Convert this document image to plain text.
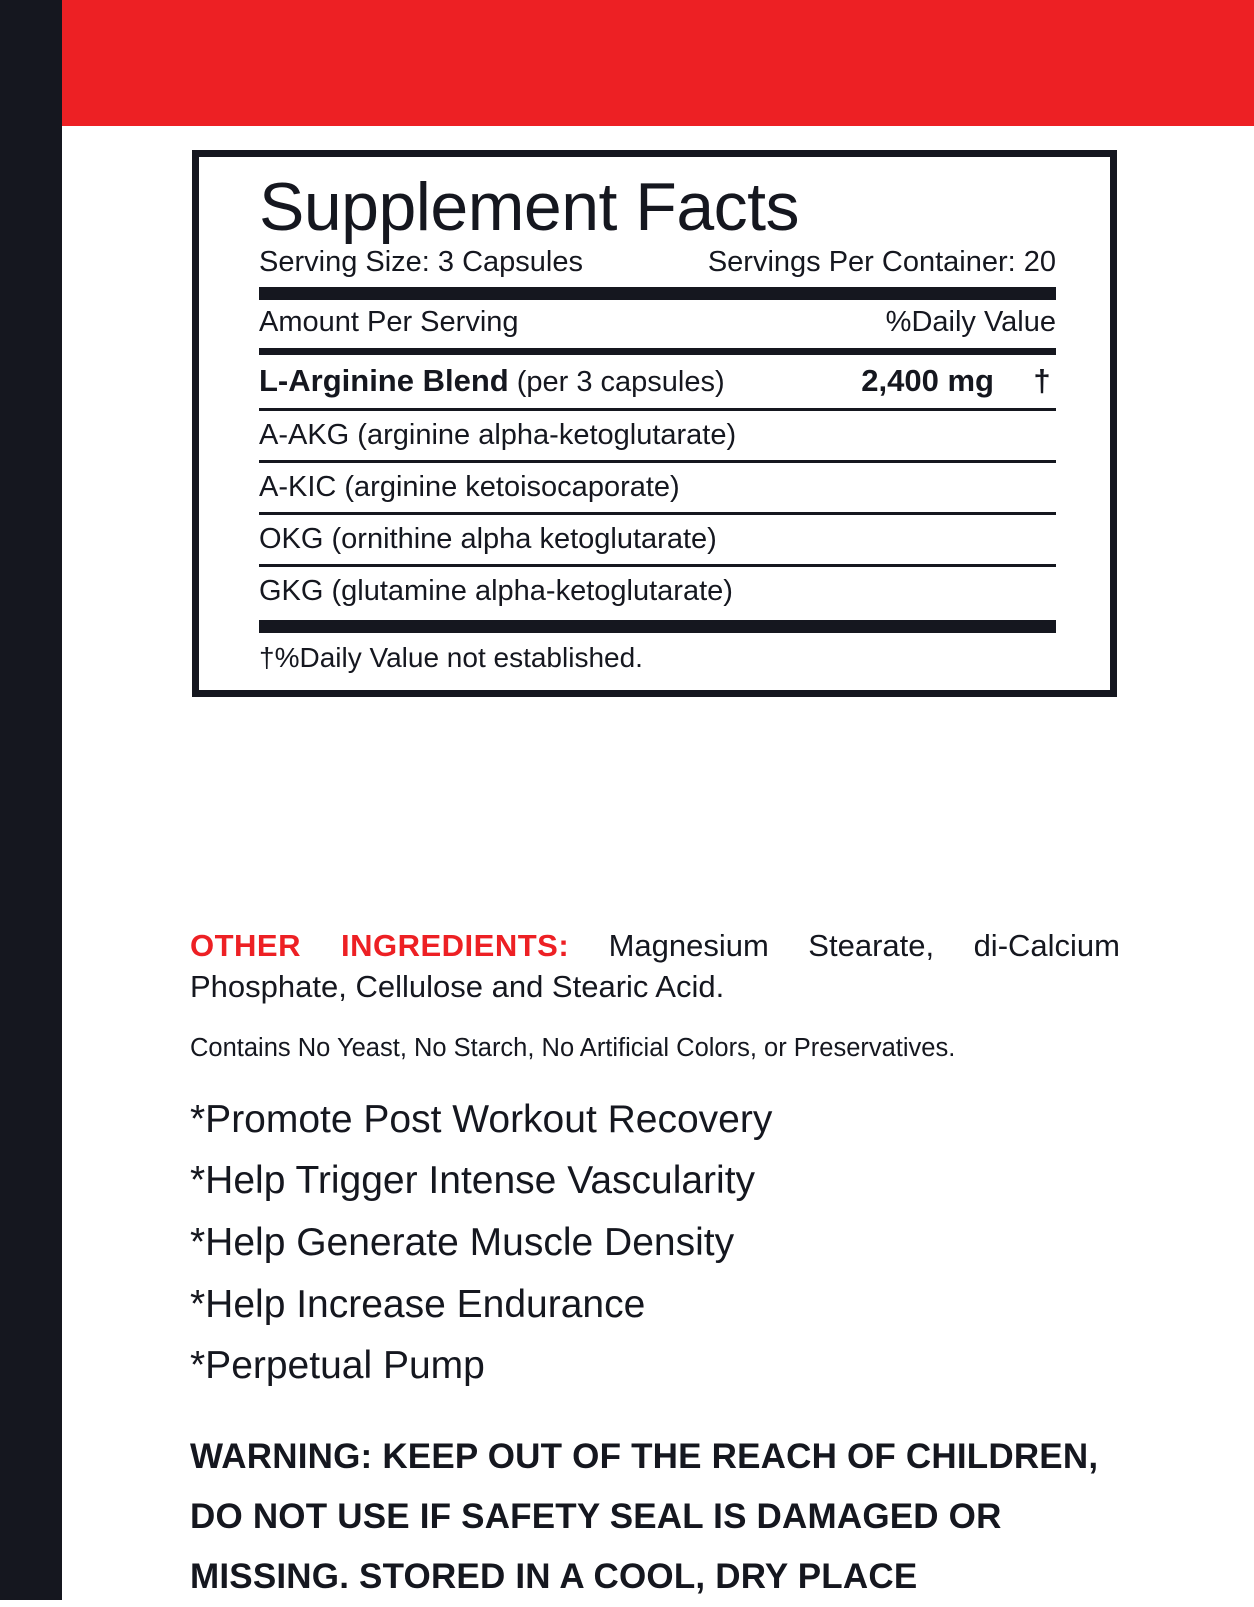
Supplement Facts
Serving Size: 3 Capsules	Servings Per Container: 20
Amount Per Serving	%Daily Value
L-Arginine Blend (per 3 capsules)	2,400 mg †
A-AKG (arginine alpha-ketoglutarate)
A-KIC (arginine ketoisocaporate)
OKG (ornithine alpha ketoglutarate)
GKG (glutamine alpha-ketoglutarate)
†%Daily Value not established.

OTHER INGREDIENTS: Magnesium Stearate, di-Calcium Phosphate, Cellulose and Stearic Acid.

Contains No Yeast, No Starch, No Artificial Colors, or Preservatives.

*Promote Post Workout Recovery
*Help Trigger Intense Vascularity
*Help Generate Muscle Density
*Help Increase Endurance
*Perpetual Pump
WARNING: KEEP OUT OF THE REACH OF CHILDREN,
DO NOT USE IF SAFETY SEAL IS DAMAGED OR
MISSING. STORED IN A COOL, DRY PLACE
